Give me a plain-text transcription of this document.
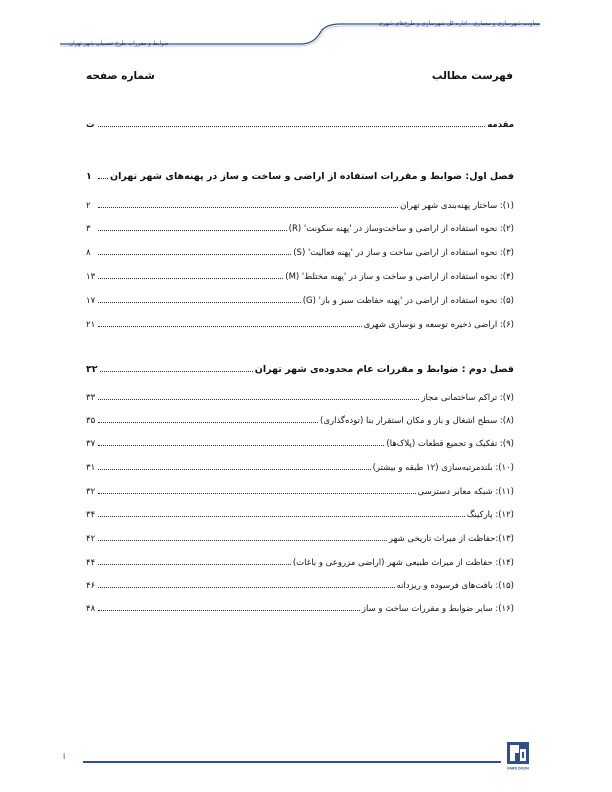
معاونت شهرسازی و معماری – اداره کل شهرسازی و طرح‌های شهری
ضوابط و مقررات طرح تفصیلی شهر تهران
فهرست مطالب
شماره صفحه
مقدمه
ت
فصل اول: ضوابط و مقررات استفاده از اراضی و ساخت و ساز در پهنه‌های شهر تهران
۱
(۱): ساختار پهنه‌بندی شهر تهران
۲
(۲): نحوه استفاده از اراضی و ساخت‌وساز در 'پهنه سکونت' (R)
۳
(۳): نحوه استفاده از اراضی ساخت و ساز در 'پهنه فعالیت' (S)
۸
(۴): نحوه استفاده از اراضی و ساخت و ساز در 'پهنه مختلط' (M)
۱۳
(۵): نحوه استفاده از اراضی در 'پهنه حفاظت سبز و باز' (G)
۱۷
(۶): اراضی ذخیره توسعه و نوسازی شهری
۲۱
فصل دوم : ضوابط و مقررات عام محدوده‌ی شهر تهران
۳۲
(۷): تراکم ساختمانی مجاز
۳۳
(۸): سطح اشغال و باز و مکان استقرار بنا (توده‌گذاری)
۳۵
(۹): تفکیک و تجمیع قطعات (پلاک‌ها)
۳۷
(۱۰): بلندمرتبه‌سازی (۱۲ طبقه و بیشتر)
۳۱
(۱۱): شبکه معابر دسترسی
۳۲
(۱۲): پارکینگ
۳۴
(۱۳):حفاظت از میراث تاریخی شهر
۴۲
(۱۴): حفاظت از میراث طبیعی شهر (اراضی مزروعی و باغات)
۴۴
(۱۵): بافت‌های فرسوده و ریزدانه
۴۶
(۱۶): سایر ضوابط و مقررات ساخت و ساز
۴۸
i
PARS DOON
